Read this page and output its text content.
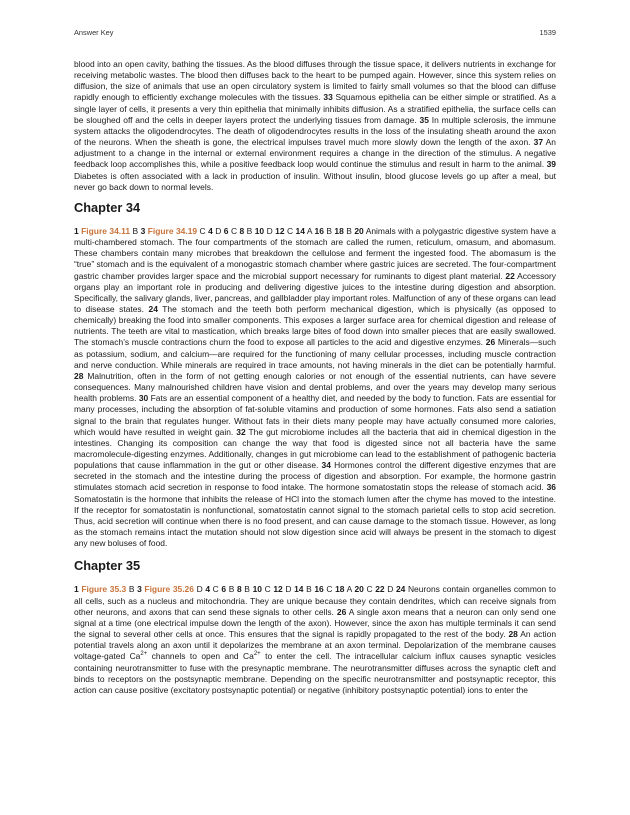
Answer Key	1539

blood into an open cavity, bathing the tissues. As the blood diffuses through the tissue space, it delivers nutrients in exchange for receiving metabolic wastes. The blood then diffuses back to the heart to be pumped again. However, since this system relies on diffusion, the size of animals that use an open circulatory system is limited to fairly small volumes so that the blood can diffuse rapidly enough to efficiently exchange molecules with the tissues. 33 Squamous epithelia can be either simple or stratified. As a single layer of cells, it presents a very thin epithelia that minimally inhibits diffusion. As a stratified epithelia, the surface cells can be sloughed off and the cells in deeper layers protect the underlying tissues from damage. 35 In multiple sclerosis, the immune system attacks the oligodendrocytes. The death of oligodendrocytes results in the loss of the insulating sheath around the axon of the neurons. When the sheath is gone, the electrical impulses travel much more slowly down the length of the axon. 37 An adjustment to a change in the internal or external environment requires a change in the direction of the stimulus. A negative feedback loop accomplishes this, while a positive feedback loop would continue the stimulus and result in harm to the animal. 39 Diabetes is often associated with a lack in production of insulin. Without insulin, blood glucose levels go up after a meal, but never go back down to normal levels.

Chapter 34

1 Figure 34.11 B 3 Figure 34.19 C 4 D 6 C 8 B 10 D 12 C 14 A 16 B 18 B 20 Animals with a polygastric digestive system have a multi-chambered stomach. The four compartments of the stomach are called the rumen, reticulum, omasum, and abomasum. These chambers contain many microbes that breakdown the cellulose and ferment the ingested food. The abomasum is the “true” stomach and is the equivalent of a monogastric stomach chamber where gastric juices are secreted. The four-compartment gastric chamber provides larger space and the microbial support necessary for ruminants to digest plant material. 22 Accessory organs play an important role in producing and delivering digestive juices to the intestine during digestion and absorption. Specifically, the salivary glands, liver, pancreas, and gallbladder play important roles. Malfunction of any of these organs can lead to disease states. 24 The stomach and the teeth both perform mechanical digestion, which is physically (as opposed to chemically) breaking the food into smaller components. This exposes a larger surface area for chemical digestion and release of nutrients. The teeth are vital to mastication, which breaks large bites of food down into smaller pieces that are easily swallowed. The stomach’s muscle contractions churn the food to expose all particles to the acid and digestive enzymes. 26 Minerals—such as potassium, sodium, and calcium—are required for the functioning of many cellular processes, including muscle contraction and nerve conduction. While minerals are required in trace amounts, not having minerals in the diet can be potentially harmful. 28 Malnutrition, often in the form of not getting enough calories or not enough of the essential nutrients, can have severe consequences. Many malnourished children have vision and dental problems, and over the years may develop many serious health problems. 30 Fats are an essential component of a healthy diet, and needed by the body to function. Fats are essential for many processes, including the absorption of fat-soluble vitamins and production of some hormones. Fats also send a satiation signal to the brain that regulates hunger. Without fats in their diets many people may have actually consumed more calories, which would have resulted in weight gain. 32 The gut microbiome includes all the bacteria that aid in chemical digestion in the intestines. Changing its composition can change the way that food is digested since not all bacteria have the same macromolecule-digesting enzymes. Additionally, changes in gut microbiome can lead to the establishment of pathogenic bacteria populations that cause inflammation in the gut or other disease. 34 Hormones control the different digestive enzymes that are secreted in the stomach and the intestine during the process of digestion and absorption. For example, the hormone gastrin stimulates stomach acid secretion in response to food intake. The hormone somatostatin stops the release of stomach acid. 36 Somatostatin is the hormone that inhibits the release of HCl into the stomach lumen after the chyme has moved to the intestine. If the receptor for somatostatin is nonfunctional, somatostatin cannot signal to the stomach parietal cells to stop acid secretion. Thus, acid secretion will continue when there is no food present, and can cause damage to the stomach tissue. However, as long as the stomach remains intact the mutation should not slow digestion since acid will always be present in the stomach to digest any new boluses of food.

Chapter 35

1 Figure 35.3 B 3 Figure 35.26 D 4 C 6 B 8 B 10 C 12 D 14 B 16 C 18 A 20 C 22 D 24 Neurons contain organelles common to all cells, such as a nucleus and mitochondria. They are unique because they contain dendrites, which can receive signals from other neurons, and axons that can send these signals to other cells. 26 A single axon means that a neuron can only send one signal at a time (one electrical impulse down the length of the axon). However, since the axon has multiple terminals it can send the signal to several other cells at once. This ensures that the signal is rapidly propagated to the rest of the body. 28 An action potential travels along an axon until it depolarizes the membrane at an axon terminal. Depolarization of the membrane causes voltage-gated $Ca^{2+}$ channels to open and $Ca^{2+}$ to enter the cell. The intracellular calcium influx causes synaptic vesicles containing neurotransmitter to fuse with the presynaptic membrane. The neurotransmitter diffuses across the synaptic cleft and binds to receptors on the postsynaptic membrane. Depending on the specific neurotransmitter and postsynaptic receptor, this action can cause positive (excitatory postsynaptic potential) or negative (inhibitory postsynaptic potential) ions to enter the
